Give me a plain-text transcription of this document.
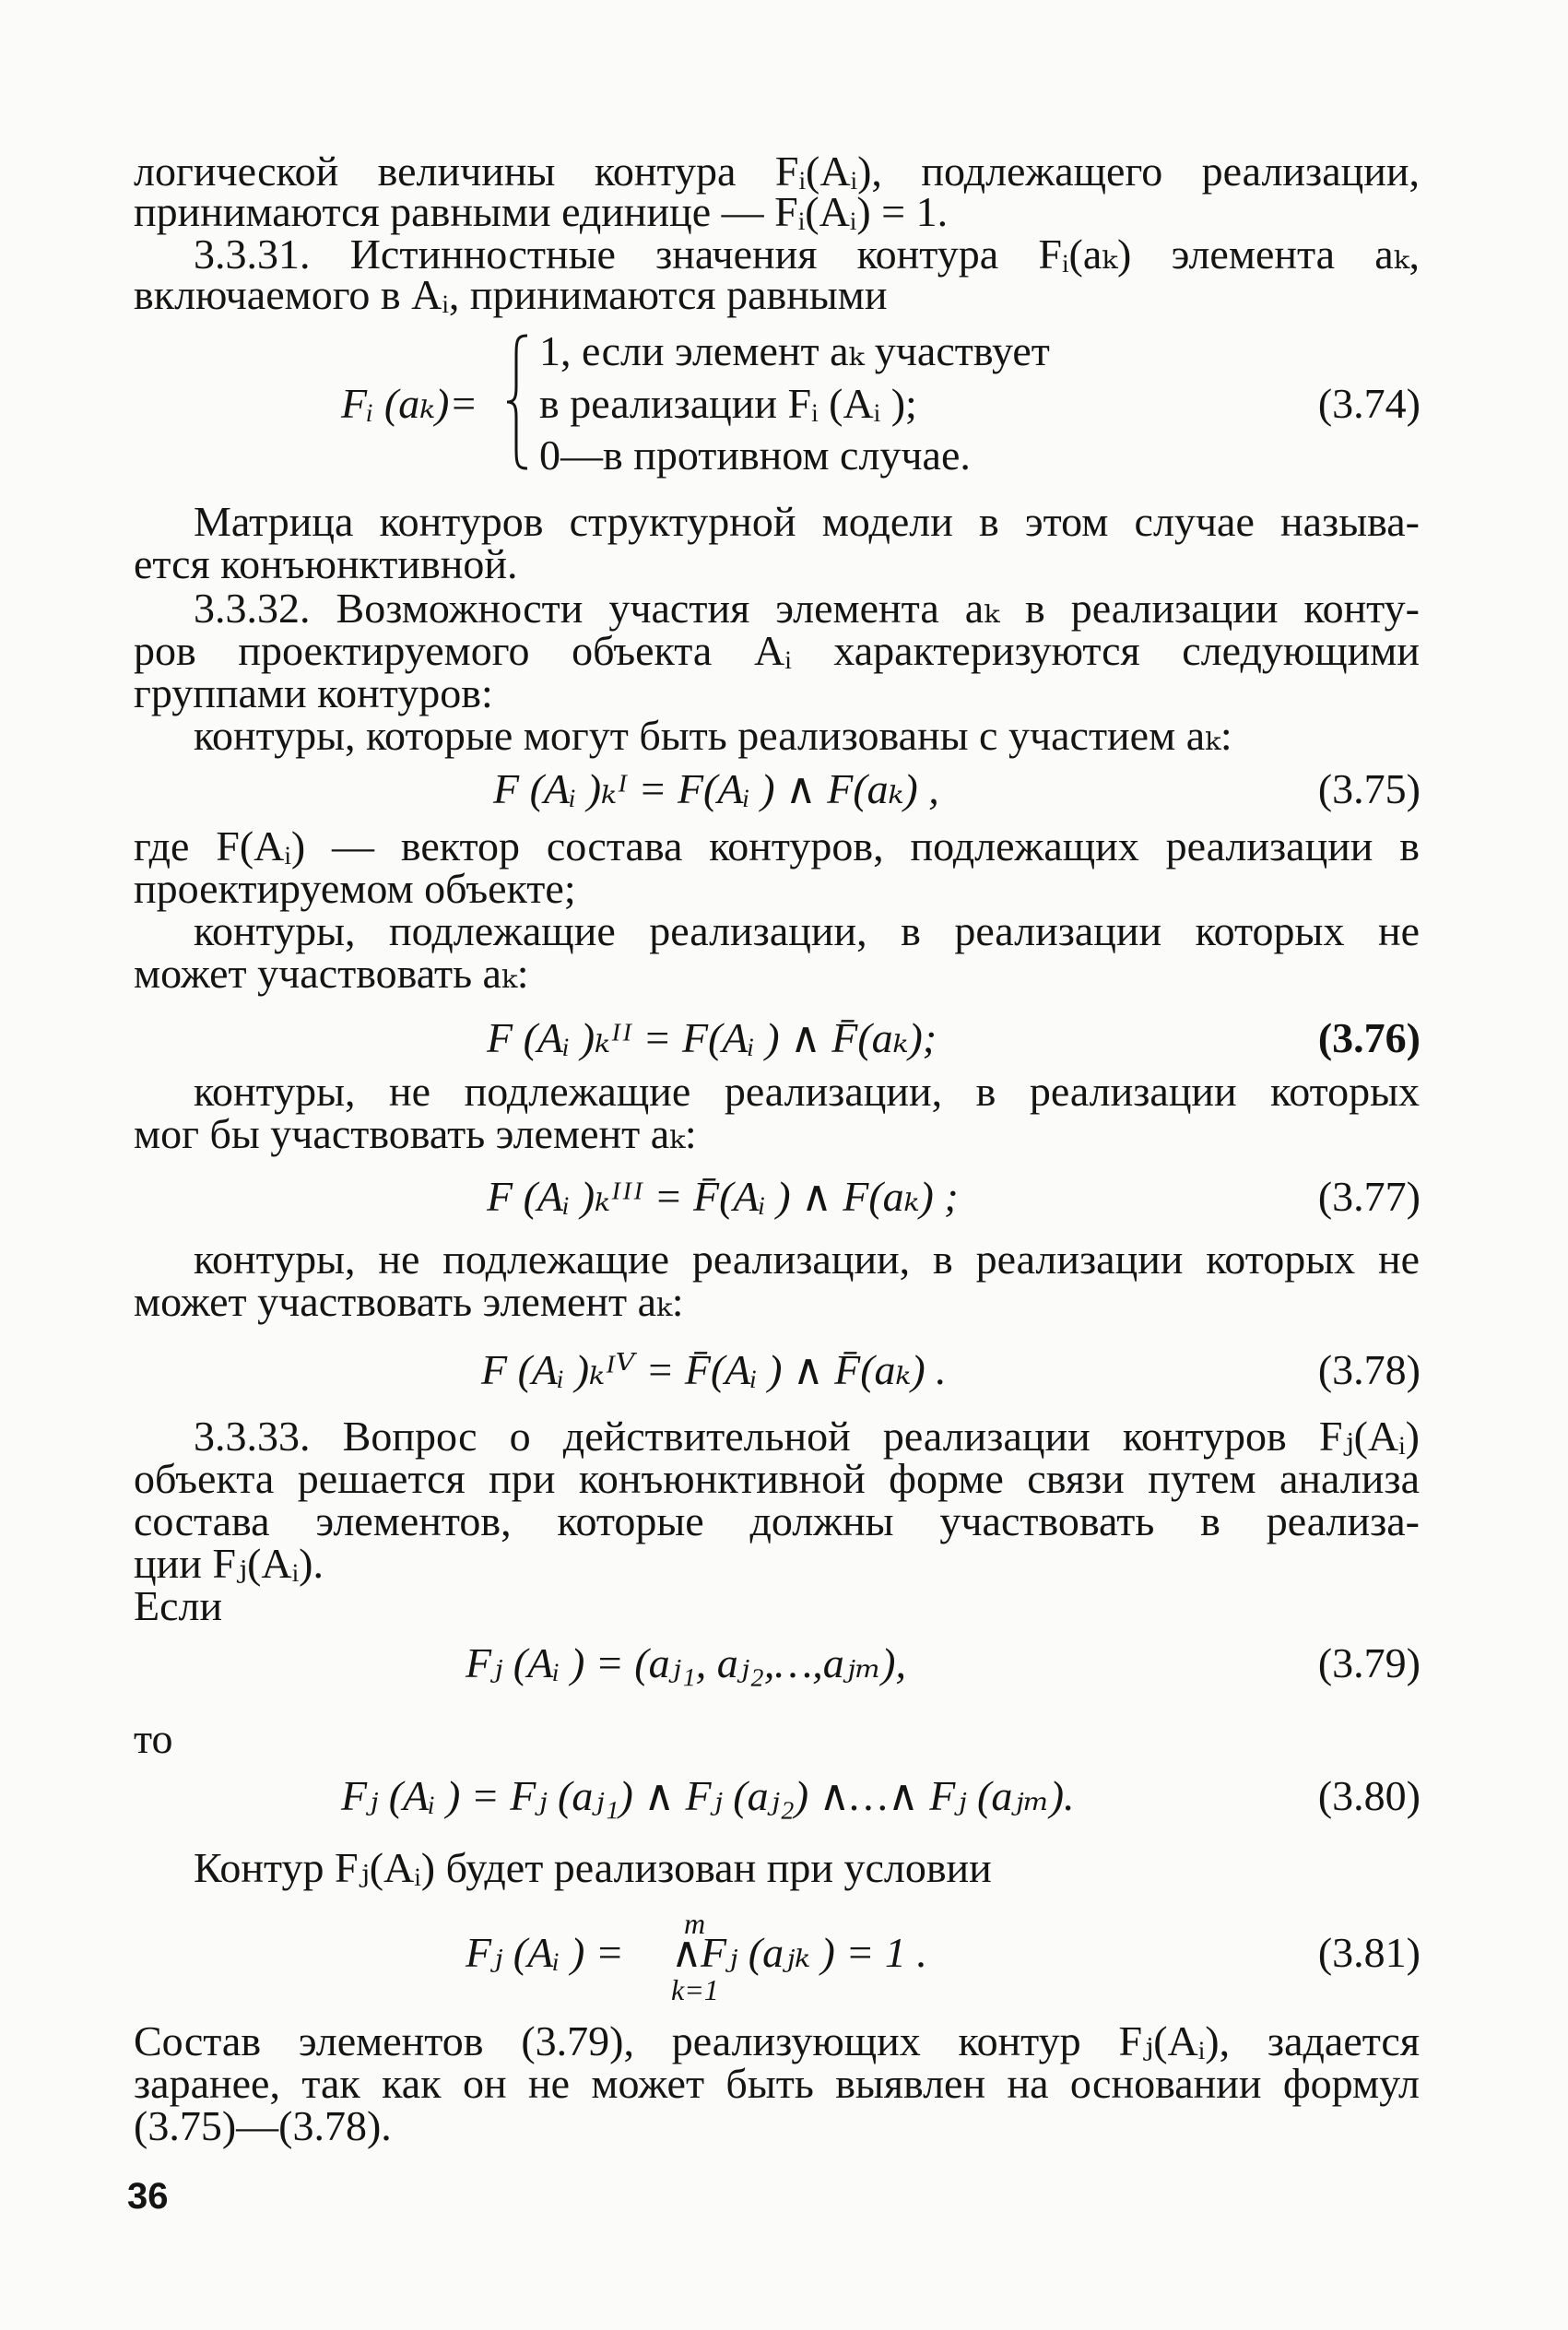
логической величины контура Fᵢ(Aᵢ), подлежащего реализации,
принимаются равными единице — Fᵢ(Aᵢ) = 1.
3.3.31. Истинностные значения контура Fᵢ(aₖ) элемента aₖ,
включаемого в Aᵢ, принимаются равными
Fᵢ (aₖ)=
1, если элемент aₖ участвует
в реализации Fᵢ (Aᵢ );
0—в противном случае.
(3.74)
Матрица контуров структурной модели в этом случае называ-
ется конъюнктивной.
3.3.32. Возможности участия элемента aₖ в реализации конту-
ров проектируемого объекта Aᵢ характеризуются следующими
группами контуров:
контуры, которые могут быть реализованы с участием aₖ:
F (Aᵢ )ₖᴵ = F(Aᵢ ) ∧ F(aₖ) ,	(3.75)
где F(Aᵢ) — вектор состава контуров, подлежащих реализации в
проектируемом объекте;
контуры, подлежащие реализации, в реализации которых не
может участвовать aₖ:
F (Aᵢ )ₖᴵᴵ = F(Aᵢ ) ∧ F̄(aₖ);	(3.76)
контуры, не подлежащие реализации, в реализации которых
мог бы участвовать элемент aₖ:
F (Aᵢ )ₖᴵᴵᴵ = F̄(Aᵢ ) ∧ F(aₖ) ;	(3.77)
контуры, не подлежащие реализации, в реализации которых не
может участвовать элемент aₖ:
F (Aᵢ )ₖᴵⱽ = F̄(Aᵢ ) ∧ F̄(aₖ) .	(3.78)
3.3.33. Вопрос о действительной реализации контуров Fⱼ(Aᵢ)
объекта решается при конъюнктивной форме связи путем анализа
состава элементов, которые должны участвовать в реализа-
ции Fⱼ(Aᵢ).
Если
Fⱼ (Aᵢ ) = (aⱼ₁, aⱼ₂,…,aⱼₘ),	(3.79)
то
Fⱼ (Aᵢ ) = Fⱼ (aⱼ₁) ∧ Fⱼ (aⱼ₂) ∧…∧ Fⱼ (aⱼₘ).	(3.80)
Контур Fⱼ(Aᵢ) будет реализован при условии
Fⱼ (Aᵢ ) = ∧
m
k=1
Fⱼ (aⱼₖ ) = 1 .	(3.81)
Состав элементов (3.79), реализующих контур Fⱼ(Aᵢ), задается
заранее, так как он не может быть выявлен на основании формул
(3.75)—(3.78).
36
